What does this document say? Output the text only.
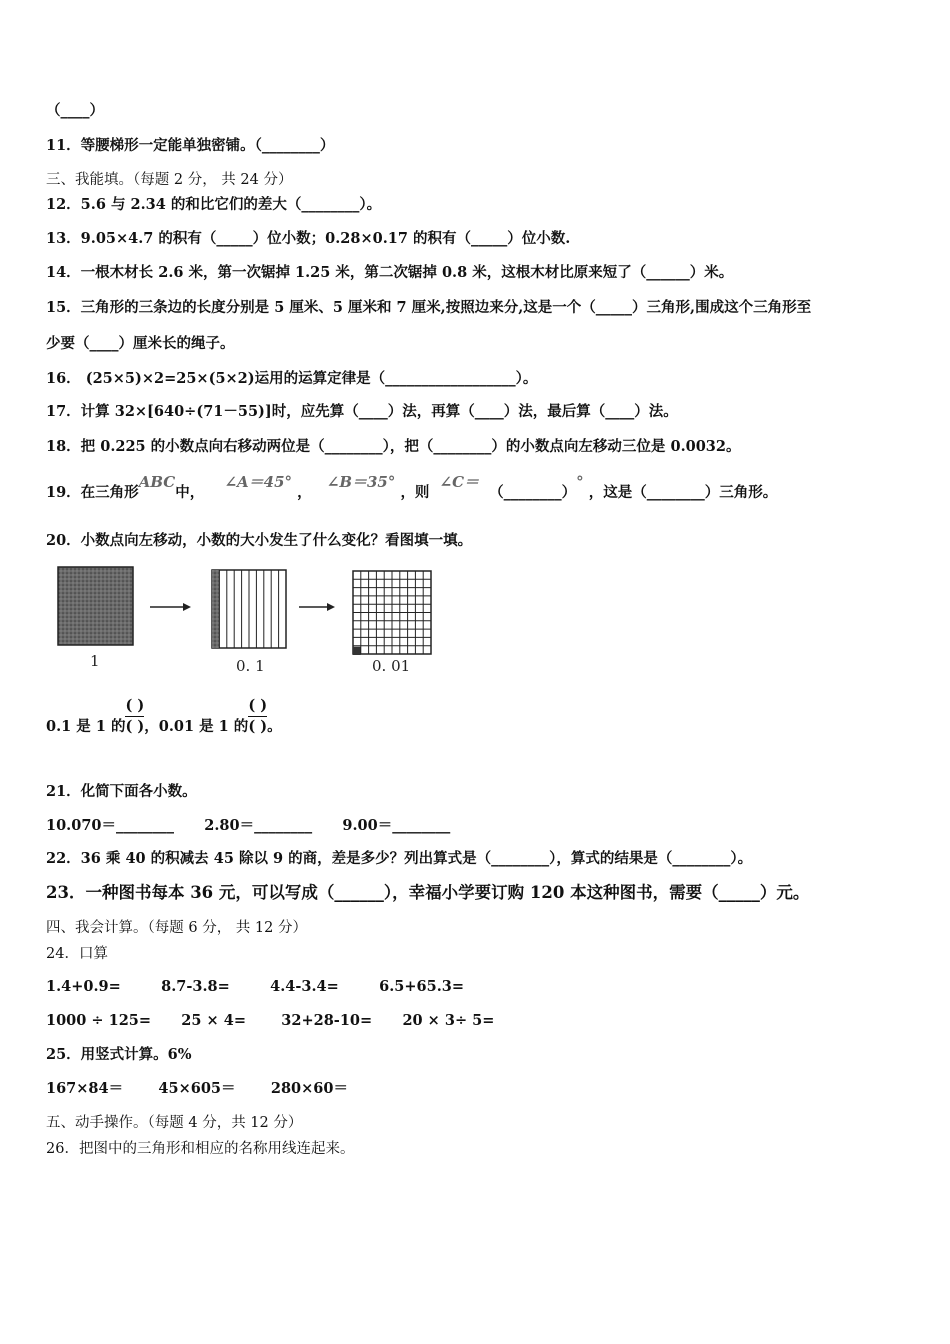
（____）
11．等腰梯形一定能单独密铺。（________）
三、我能填。（每题 2 分， 共 24 分）
12．5.6 与 2.34 的和比它们的差大（________）。
13．9.05×4.7 的积有（_____）位小数；0.28×0.17 的积有（_____）位小数.
14．一根木材长 2.6 米，第一次锯掉 1.25 米，第二次锯掉 0.8 米，这根木材比原来短了（______）米。
15．三角形的三条边的长度分别是 5 厘米、5 厘米和 7 厘米,按照边来分,这是一个（_____）三角形,围成这个三角形至
少要（____）厘米长的绳子。
16． (25×5)×2=25×(5×2)运用的运算定律是（__________________）。
17．计算 32×[640÷(71－55)]时，应先算（____）法，再算（____）法，最后算（____）法。
18．把 0.225 的小数点向右移动两位是（________），把（________）的小数点向左移动三位是 0.0032。
19．在三角形ABC中，    ∠A＝45° ，   ∠B＝35° ，则  ∠C＝  （________）° ，这是（________）三角形。
20．小数点向左移动，小数的大小发生了什么变化？看图填一填。
1	0. 1	0. 01
0.1 是 1 的 $\frac{( )}{( )}$ ，0.01 是 1 的 $\frac{( )}{( )}$ 。
21．化简下面各小数。
10.070＝________      2.80＝________      9.00＝________
22．36 乘 40 的积减去 45 除以 9 的商，差是多少？列出算式是（________），算式的结果是（________）。
23．一种图书每本 36 元，可以写成（______），幸福小学要订购 120 本这种图书，需要（_____）元。
四、我会计算。（每题 6 分， 共 12 分）
24．口算
1.4+0.9=        8.7-3.8=        4.4-3.4=        6.5+65.3=
1000 ÷ 125=      25 × 4=       32+28-10=      20 × 3÷ 5=
25．用竖式计算。6%
167×84＝       45×605＝       280×60＝
五、动手操作。（每题 4 分，共 12 分）
26．把图中的三角形和相应的名称用线连起来。
